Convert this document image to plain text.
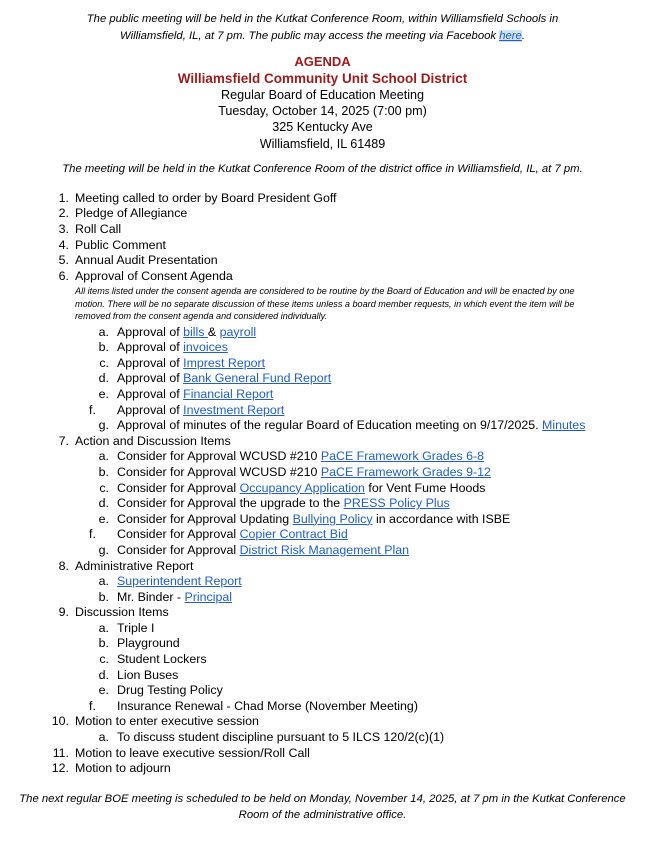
The public meeting will be held in the Kutkat Conference Room, within Williamsfield Schools in Williamsfield, IL, at 7 pm. The public may access the meeting via Facebook here.

AGENDA

Williamsfield Community Unit School District

Regular Board of Education Meeting

Tuesday, October 14, 2025 (7:00 pm)

325 Kentucky Ave

Williamsfield, IL 61489

The meeting will be held in the Kutkat Conference Room of the district office in Williamsfield, IL, at 7 pm.

1. Meeting called to order by Board President Goff
2. Pledge of Allegiance
3. Roll Call
4. Public Comment
5. Annual Audit Presentation
6. Approval of Consent Agenda

All items listed under the consent agenda are considered to be routine by the Board of Education and will be enacted by one motion. There will be no separate discussion of these items unless a board member requests, in which event the item will be removed from the consent agenda and considered individually.

a. Approval of bills & payroll
b. Approval of invoices
c. Approval of Imprest Report
d. Approval of Bank General Fund Report
e. Approval of Financial Report
f.	Approval of Investment Report
g. Approval of minutes of the regular Board of Education meeting on 9/17/2025. Minutes
7. Action and Discussion Items
a. Consider for Approval WCUSD #210 PaCE Framework Grades 6-8
b. Consider for Approval WCUSD #210 PaCE Framework Grades 9-12
c. Consider for Approval Occupancy Application for Vent Fume Hoods
d. Consider for Approval the upgrade to the PRESS Policy Plus
e. Consider for Approval Updating Bullying Policy in accordance with ISBE
f.	Consider for Approval Copier Contract Bid
g. Consider for Approval District Risk Management Plan
8. Administrative Report
a. Superintendent Report
b. Mr. Binder - Principal
9. Discussion Items
a. Triple I
b. Playground
c. Student Lockers
d. Lion Buses
e. Drug Testing Policy
f.	Insurance Renewal - Chad Morse (November Meeting)
10. Motion to enter executive session
a. To discuss student discipline pursuant to 5 ILCS 120/2(c)(1)
11. Motion to leave executive session/Roll Call
12. Motion to adjourn

The next regular BOE meeting is scheduled to be held on Monday, November 14, 2025, at 7 pm in the Kutkat Conference Room of the administrative office.
